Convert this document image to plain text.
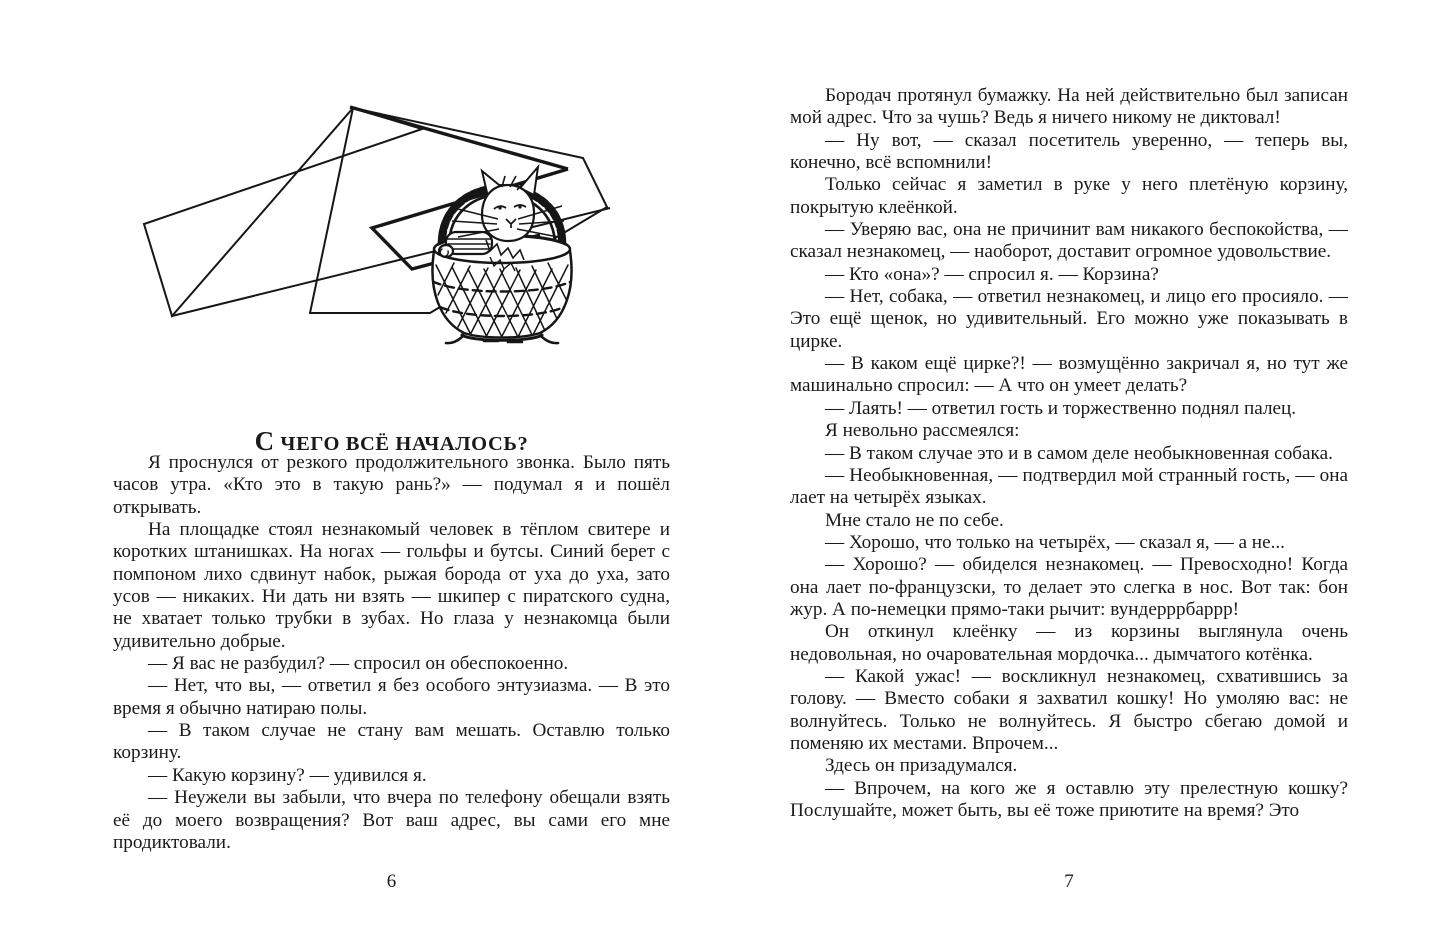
С ЧЕГО ВСЁ НАЧАЛОСЬ?

Я проснулся от резкого продолжительного звонка. Было пять часов утра. «Кто это в такую рань?» — подумал я и пошёл открывать.

На площадке стоял незнакомый человек в тёплом свитере и коротких штанишках. На ногах — гольфы и бутсы. Синий берет с помпоном лихо сдвинут набок, рыжая борода от уха до уха, зато усов — никаких. Ни дать ни взять — шкипер с пиратского судна, не хватает только трубки в зубах. Но глаза у незнакомца были удивительно добрые.

— Я вас не разбудил? — спросил он обеспокоенно.

— Нет, что вы, — ответил я без особого энтузиазма. — В это время я обычно натираю полы.

— В таком случае не стану вам мешать. Оставлю только корзину.

— Какую корзину? — удивился я.

— Неужели вы забыли, что вчера по телефону обещали взять её до моего возвращения? Вот ваш адрес, вы сами его мне продиктовали.

6

Бородач протянул бумажку. На ней действительно был записан мой адрес. Что за чушь? Ведь я ничего никому не диктовал!

— Ну вот, — сказал посетитель уверенно, — теперь вы, конечно, всё вспомнили!

Только сейчас я заметил в руке у него плетёную корзину, покрытую клеёнкой.

— Уверяю вас, она не причинит вам никакого беспокойства, — сказал незнакомец, — наоборот, доставит огромное удовольствие.

— Кто «она»? — спросил я. — Корзина?

— Нет, собака, — ответил незнакомец, и лицо его просияло. — Это ещё щенок, но удивительный. Его можно уже показывать в цирке.

— В каком ещё цирке?! — возмущённо закричал я, но тут же машинально спросил: — А что он умеет делать?

— Лаять! — ответил гость и торжественно поднял палец.

Я невольно рассмеялся:

— В таком случае это и в самом деле необыкновенная собака.

— Необыкновенная, — подтвердил мой странный гость, — она лает на четырёх языках.

Мне стало не по себе.

— Хорошо, что только на четырёх, — сказал я, — а не...

— Хорошо? — обиделся незнакомец. — Превосходно! Когда она лает по-французски, то делает это слегка в нос. Вот так: бон жур. А по-немецки прямо-таки рычит: вундерррбаррр!

Он откинул клеёнку — из корзины выглянула очень недовольная, но очаровательная мордочка... дымчатого котёнка.

— Какой ужас! — воскликнул незнакомец, схватившись за голову. — Вместо собаки я захватил кошку! Но умоляю вас: не волнуйтесь. Только не волнуйтесь. Я быстро сбегаю домой и поменяю их местами. Впрочем...

Здесь он призадумался.

— Впрочем, на кого же я оставлю эту прелестную кошку? Послушайте, может быть, вы её тоже приютите на время? Это

7
